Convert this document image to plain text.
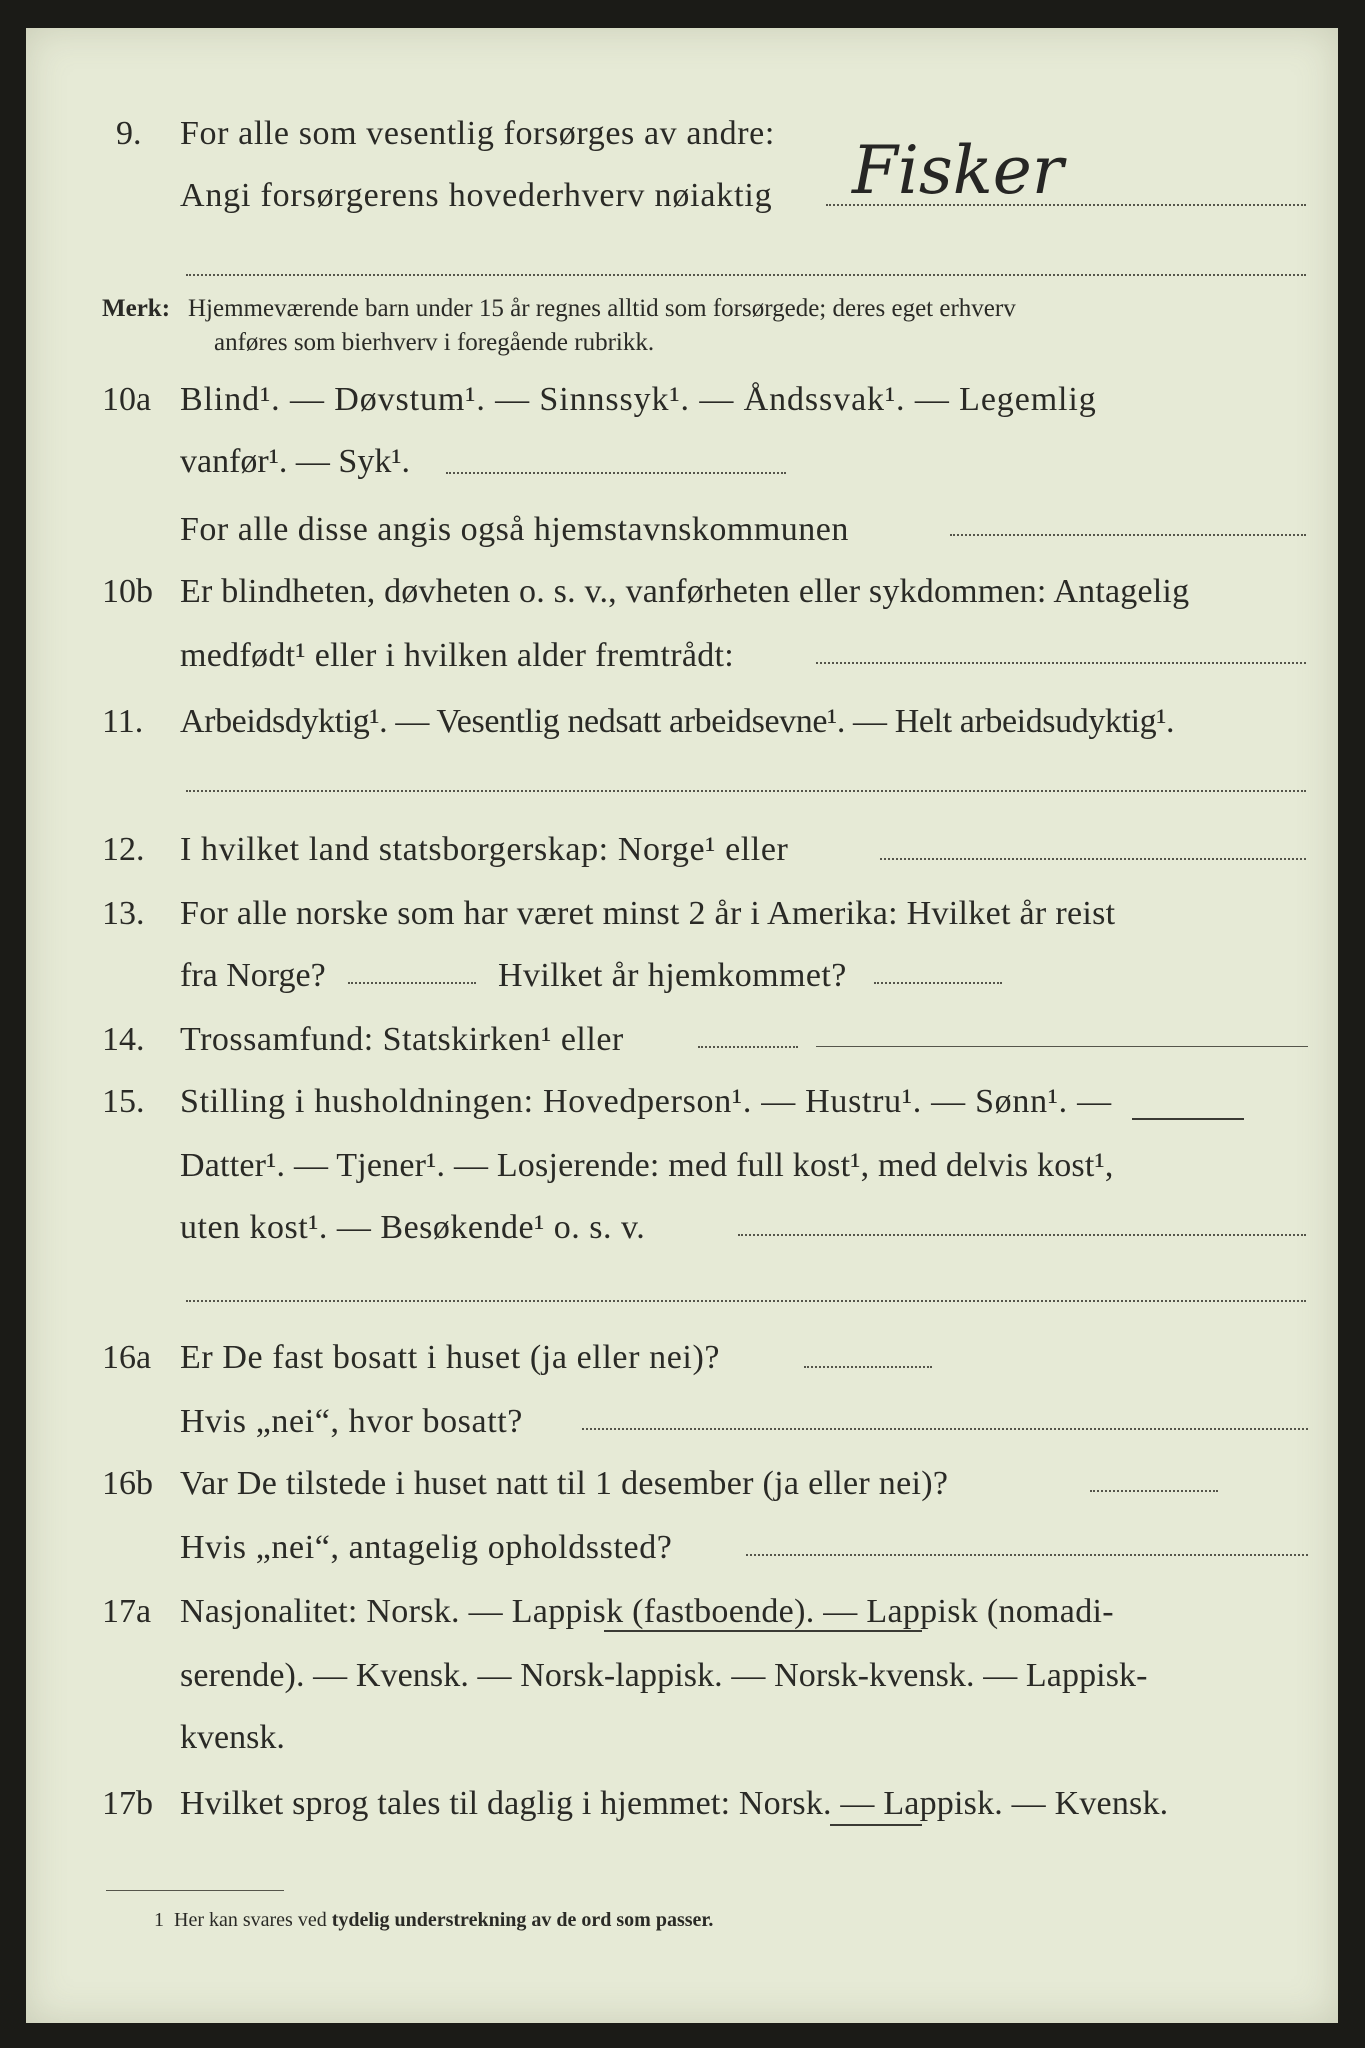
9. For alle som vesentlig forsørges av andre:
Angi forsørgerens hovederhverv nøiaktig Fisker
Merk: Hjemmeværende barn under 15 år regnes alltid som forsørgede; deres eget erhverv
anføres som bierhverv i foregående rubrikk.
10a Blind¹. — Døvstum¹. — Sinnssyk¹. — Åndssvak¹. — Legemlig
vanfør¹. — Syk¹.
For alle disse angis også hjemstavnskommunen
10b Er blindheten, døvheten o. s. v., vanførheten eller sykdommen: Antagelig
medfødt¹ eller i hvilken alder fremtrådt:
11. Arbeidsdyktig¹. — Vesentlig nedsatt arbeidsevne¹. — Helt arbeidsudyktig¹.
12. I hvilket land statsborgerskap: Norge¹ eller
13. For alle norske som har været minst 2 år i Amerika: Hvilket år reist
fra Norge?	Hvilket år hjemkommet?
14. Trossamfund: Statskirken¹ eller
15. Stilling i husholdningen: Hovedperson¹. — Hustru¹. — Sønn¹. —
Datter¹. — Tjener¹. — Losjerende: med full kost¹, med delvis kost¹,
uten kost¹. — Besøkende¹ o. s. v.
16a Er De fast bosatt i huset (ja eller nei)?
Hvis „nei“, hvor bosatt?
16b Var De tilstede i huset natt til 1 desember (ja eller nei)?
Hvis „nei“, antagelig opholdssted?
17a Nasjonalitet: Norsk. — Lappisk (fastboende). — Lappisk (nomadi-
serende). — Kvensk. — Norsk-lappisk. — Norsk-kvensk. — Lappisk-
kvensk.
17b Hvilket sprog tales til daglig i hjemmet: Norsk. — Lappisk. — Kvensk.
1 Her kan svares ved tydelig understrekning av de ord som passer.
